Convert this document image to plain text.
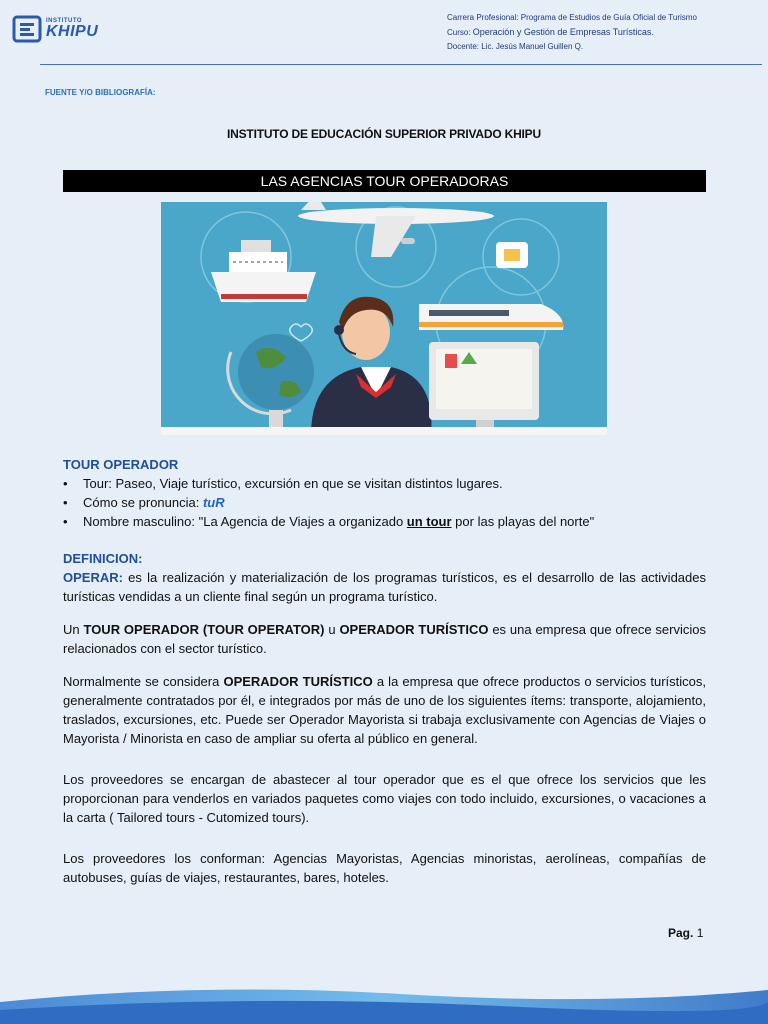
INSTITUTO
KHIPU
Carrera Profesional: Programa de Estudios de Guía Oficial de Turismo
Curso: Operación y Gestión de Empresas Turísticas.
Docente: Lic. Jesús Manuel Guillen Q.
FUENTE Y/O BIBLIOGRAFÍA:
INSTITUTO DE EDUCACIÓN SUPERIOR PRIVADO KHIPU
LAS AGENCIAS TOUR OPERADORAS
TOUR OPERADOR
• Tour: Paseo, Viaje turístico, excursión en que se visitan distintos lugares.
• Cómo se pronuncia: tuR
• Nombre masculino: "La Agencia de Viajes a organizado un tour por las playas del norte"
DEFINICION:

OPERAR: es la realización y materialización de los programas turísticos, es el desarrollo de las actividades turísticas vendidas a un cliente final según un programa turístico.

Un TOUR OPERADOR (TOUR OPERATOR) u OPERADOR TURÍSTICO es una empresa que ofrece servicios relacionados con el sector turístico.

Normalmente se considera OPERADOR TURÍSTICO a la empresa que ofrece productos o servicios turísticos, generalmente contratados por él, e integrados por más de uno de los siguientes ítems: transporte, alojamiento, traslados, excursiones, etc. Puede ser Operador Mayorista si trabaja exclusivamente con Agencias de Viajes o Mayorista / Minorista en caso de ampliar su oferta al público en general.

Los proveedores se encargan de abastecer al tour operador que es el que ofrece los servicios que les proporcionan para venderlos en variados paquetes como viajes con todo incluido, excursiones, o vacaciones a la carta ( Tailored tours - Cutomized tours).

Los proveedores los conforman: Agencias Mayoristas, Agencias minoristas, aerolíneas, compañías de autobuses, guías de viajes, restaurantes, bares, hoteles.

Pag. 1
